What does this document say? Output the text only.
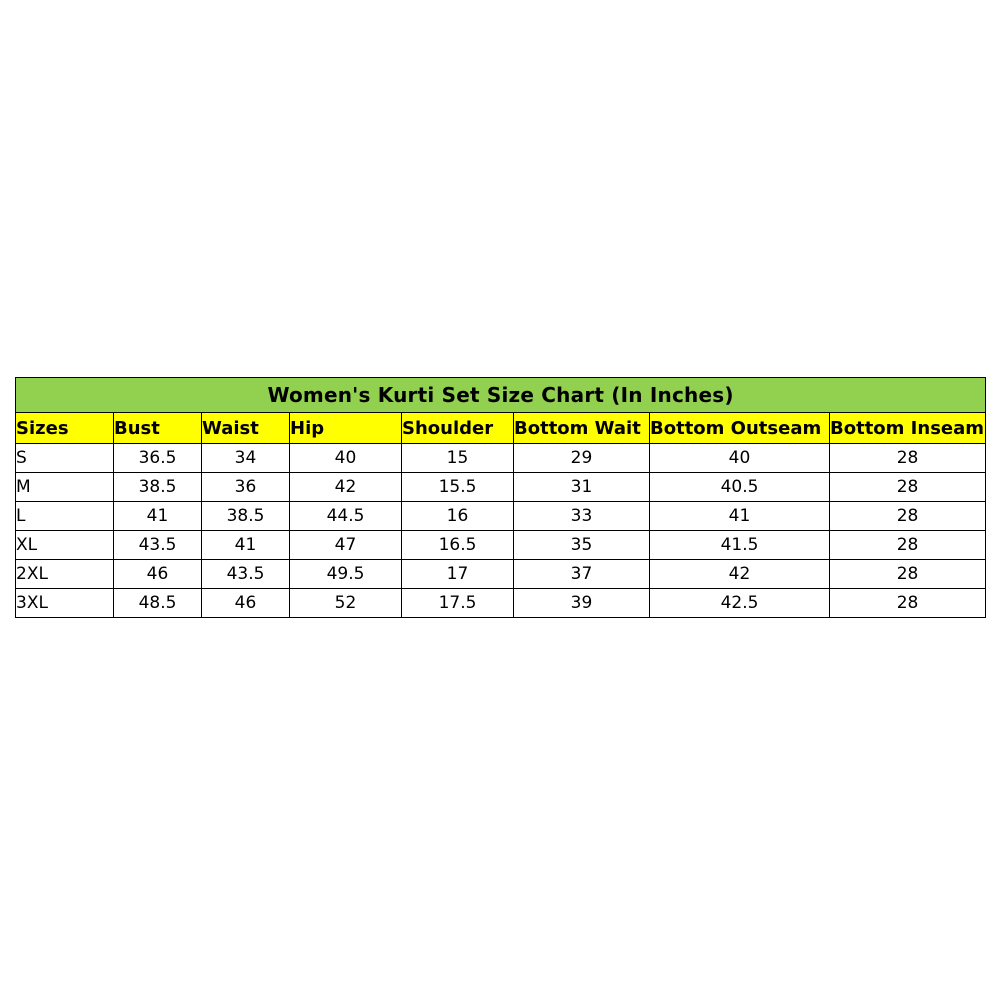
Women's Kurti Set Size Chart (In Inches)							
Sizes	Bust	Waist	Hip	Shoulder	Bottom Wait	Bottom Outseam	Bottom Inseam
S	36.5	34	40	15	29	40	28
M	38.5	36	42	15.5	31	40.5	28
L	41	38.5	44.5	16	33	41	28
XL	43.5	41	47	16.5	35	41.5	28
2XL	46	43.5	49.5	17	37	42	28
3XL	48.5	46	52	17.5	39	42.5	28
